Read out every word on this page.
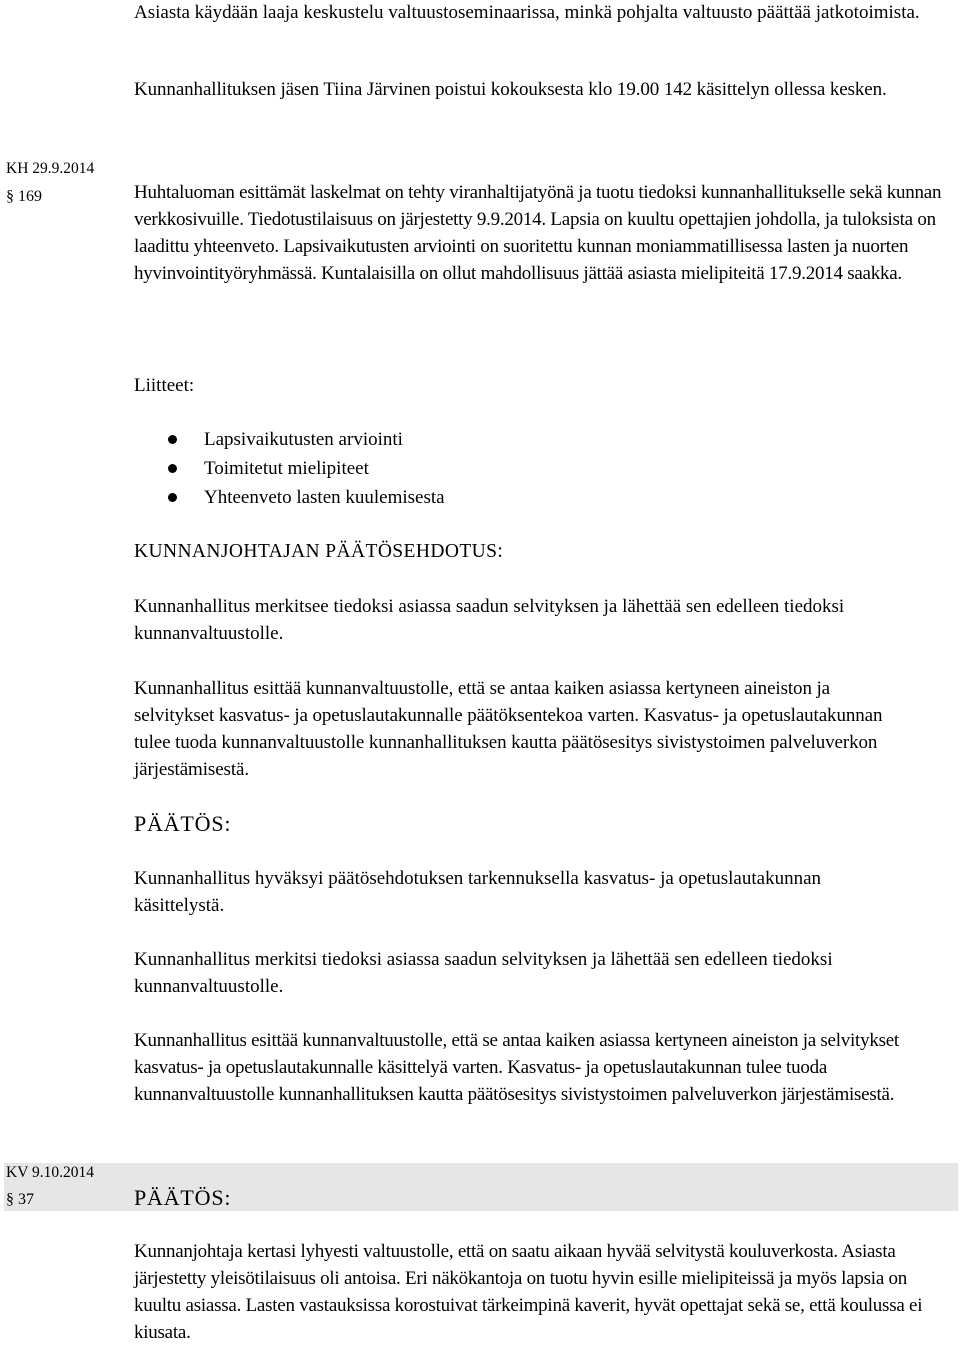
Asiasta käydään laaja keskustelu valtuustoseminaarissa, minkä pohjalta valtuusto päättää jatkotoimista.

Kunnanhallituksen jäsen Tiina Järvinen poistui kokouksesta klo 19.00 142 käsittelyn ollessa kesken.

KH 29.9.2014
§ 169	Huhtaluoman esittämät laskelmat on tehty viranhaltijatyönä ja tuotu tiedoksi kunnanhallitukselle sekä kunnan verkkosivuille. Tiedotustilaisuus on järjestetty 9.9.2014. Lapsia on kuultu opettajien johdolla, ja tuloksista on laadittu yhteenveto. Lapsivaikutusten arviointi on suoritettu kunnan moniammatillisessa lasten ja nuorten hyvinvointityöryhmässä. Kuntalaisilla on ollut mahdollisuus jättää asiasta mielipiteitä 17.9.2014 saakka.

Liitteet:
Lapsivaikutusten arviointi
Toimitetut mielipiteet
Yhteenveto lasten kuulemisesta
KUNNANJOHTAJAN PÄÄTÖSEHDOTUS:

Kunnanhallitus merkitsee tiedoksi asiassa saadun selvityksen ja lähettää sen edelleen tiedoksi kunnanvaltuustolle.

Kunnanhallitus esittää kunnanvaltuustolle, että se antaa kaiken asiassa kertyneen aineiston ja selvitykset kasvatus- ja opetuslautakunnalle päätöksentekoa varten. Kasvatus- ja opetuslautakunnan tulee tuoda kunnanvaltuustolle kunnanhallituksen kautta päätösesitys sivistystoimen palveluverkon järjestämisestä.

PÄÄTÖS:

Kunnanhallitus hyväksyi päätösehdotuksen tarkennuksella kasvatus- ja opetuslautakunnan käsittelystä.

Kunnanhallitus merkitsi tiedoksi asiassa saadun selvityksen ja lähettää sen edelleen tiedoksi kunnanvaltuustolle.

Kunnanhallitus esittää kunnanvaltuustolle, että se antaa kaiken asiassa kertyneen aineiston ja selvitykset kasvatus- ja opetuslautakunnalle käsittelyä varten. Kasvatus- ja opetuslautakunnan tulee tuoda kunnanvaltuustolle kunnanhallituksen kautta päätösesitys sivistystoimen palveluverkon järjestämisestä.

KV 9.10.2014
§ 37	PÄÄTÖS:

Kunnanjohtaja kertasi lyhyesti valtuustolle, että on saatu aikaan hyvää selvitystä kouluverkosta. Asiasta järjestetty yleisötilaisuus oli antoisa. Eri näkökantoja on tuotu hyvin esille mielipiteissä ja myös lapsia on kuultu asiassa. Lasten vastauksissa korostuivat tärkeimpinä kaverit, hyvät opettajat sekä se, että koulussa ei kiusata.
